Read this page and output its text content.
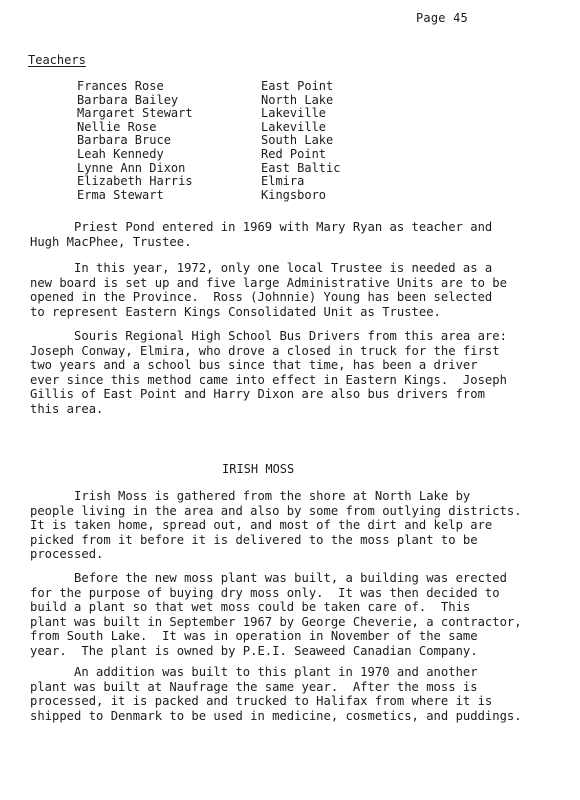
Page 45
Teachers
Frances Rose	East Point
Barbara Bailey	North Lake
Margaret Stewart	Lakeville
Nellie Rose	Lakeville
Barbara Bruce	South Lake
Leah Kennedy	Red Point
Lynne Ann Dixon	East Baltic
Elizabeth Harris	Elmira
Erma Stewart	Kingsboro
Priest Pond entered in 1969 with Mary Ryan as teacher and
Hugh MacPhee, Trustee.
In this year, 1972, only one local Trustee is needed as a
new board is set up and five large Administrative Units are to be
opened in the Province.  Ross (Johnnie) Young has been selected
to represent Eastern Kings Consolidated Unit as Trustee.
Souris Regional High School Bus Drivers from this area are:
Joseph Conway, Elmira, who drove a closed in truck for the first
two years and a school bus since that time, has been a driver
ever since this method came into effect in Eastern Kings.  Joseph
Gillis of East Point and Harry Dixon are also bus drivers from
this area.
IRISH MOSS
Irish Moss is gathered from the shore at North Lake by
people living in the area and also by some from outlying districts.
It is taken home, spread out, and most of the dirt and kelp are
picked from it before it is delivered to the moss plant to be
processed.
Before the new moss plant was built, a building was erected
for the purpose of buying dry moss only.  It was then decided to
build a plant so that wet moss could be taken care of.  This
plant was built in September 1967 by George Cheverie, a contractor,
from South Lake.  It was in operation in November of the same
year.  The plant is owned by P.E.I. Seaweed Canadian Company.
An addition was built to this plant in 1970 and another
plant was built at Naufrage the same year.  After the moss is
processed, it is packed and trucked to Halifax from where it is
shipped to Denmark to be used in medicine, cosmetics, and puddings.
